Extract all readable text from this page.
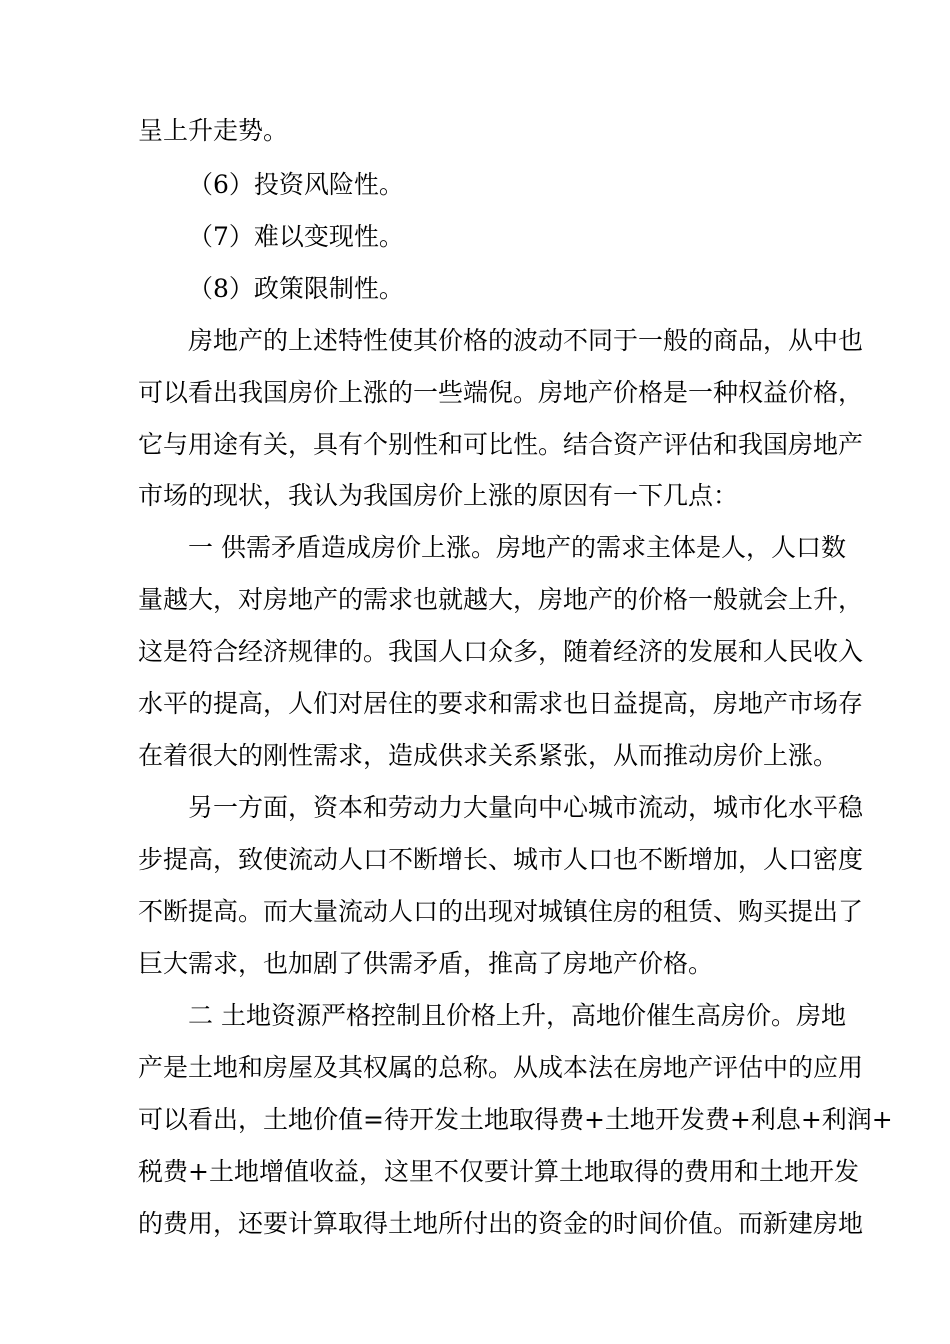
呈上升走势。
（6）投资风险性。
（7）难以变现性。
（8）政策限制性。
房地产的上述特性使其价格的波动不同于一般的商品，从中也
可以看出我国房价上涨的一些端倪。房地产价格是一种权益价格，
它与用途有关，具有个别性和可比性。结合资产评估和我国房地产
市场的现状，我认为我国房价上涨的原因有一下几点：
一 供需矛盾造成房价上涨。房地产的需求主体是人，人口数
量越大，对房地产的需求也就越大，房地产的价格一般就会上升，
这是符合经济规律的。我国人口众多，随着经济的发展和人民收入
水平的提高，人们对居住的要求和需求也日益提高，房地产市场存
在着很大的刚性需求，造成供求关系紧张，从而推动房价上涨。
另一方面，资本和劳动力大量向中心城市流动，城市化水平稳
步提高，致使流动人口不断增长、城市人口也不断增加，人口密度
不断提高。而大量流动人口的出现对城镇住房的租赁、购买提出了
巨大需求，也加剧了供需矛盾，推高了房地产价格。
二 土地资源严格控制且价格上升，高地价催生高房价。房地
产是土地和房屋及其权属的总称。从成本法在房地产评估中的应用
可以看出，土地价值=待开发土地取得费+土地开发费+利息+利润+
税费+土地增值收益，这里不仅要计算土地取得的费用和土地开发
的费用，还要计算取得土地所付出的资金的时间价值。而新建房地
